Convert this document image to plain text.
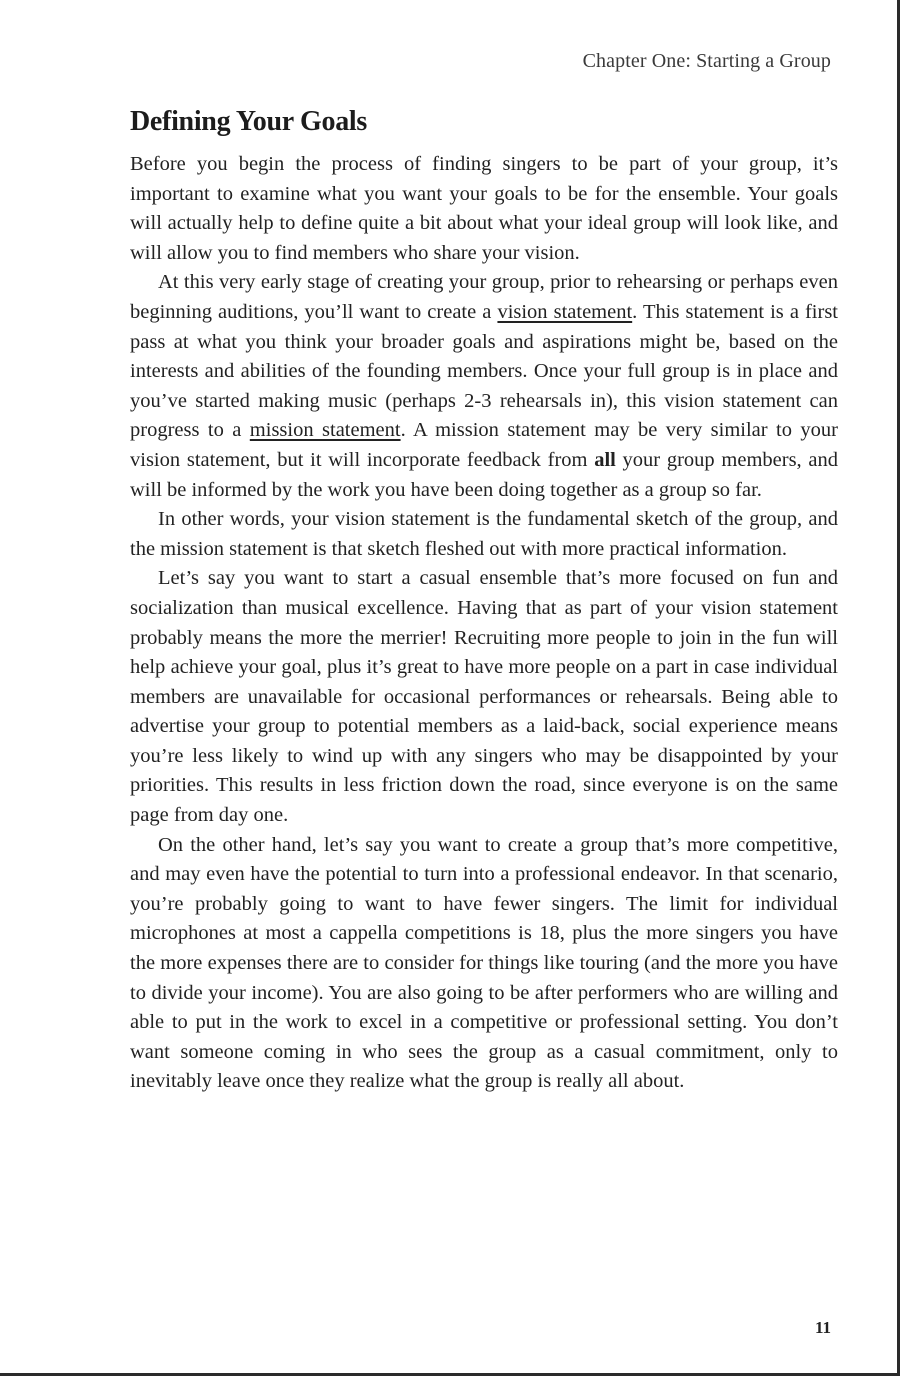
Chapter One: Starting a Group
Defining Your Goals

Before you begin the process of finding singers to be part of your group, it’s important to examine what you want your goals to be for the ensemble. Your goals will actually help to define quite a bit about what your ideal group will look like, and will allow you to find members who share your vision.

At this very early stage of creating your group, prior to rehearsing or perhaps even beginning auditions, you’ll want to create a vision statement. This statement is a first pass at what you think your broader goals and aspirations might be, based on the interests and abilities of the founding members. Once your full group is in place and you’ve started making music (perhaps 2-3 rehearsals in), this vision statement can progress to a mission statement. A mission statement may be very similar to your vision statement, but it will incorporate feedback from all your group members, and will be informed by the work you have been doing together as a group so far.

In other words, your vision statement is the fundamental sketch of the group, and the mission statement is that sketch fleshed out with more practical information.

Let’s say you want to start a casual ensemble that’s more focused on fun and socialization than musical excellence. Having that as part of your vision statement probably means the more the merrier! Recruiting more people to join in the fun will help achieve your goal, plus it’s great to have more people on a part in case individual members are unavailable for occasional performances or rehearsals. Being able to advertise your group to potential members as a laid-back, social experience means you’re less likely to wind up with any singers who may be disappointed by your priorities. This results in less friction down the road, since everyone is on the same page from day one.

On the other hand, let’s say you want to create a group that’s more competitive, and may even have the potential to turn into a professional endeavor. In that scenario, you’re probably going to want to have fewer singers. The limit for individual microphones at most a cappella competitions is 18, plus the more singers you have the more expenses there are to consider for things like touring (and the more you have to divide your income). You are also going to be after performers who are willing and able to put in the work to excel in a competitive or professional setting. You don’t want someone coming in who sees the group as a casual commitment, only to inevitably leave once they realize what the group is really all about.

11
